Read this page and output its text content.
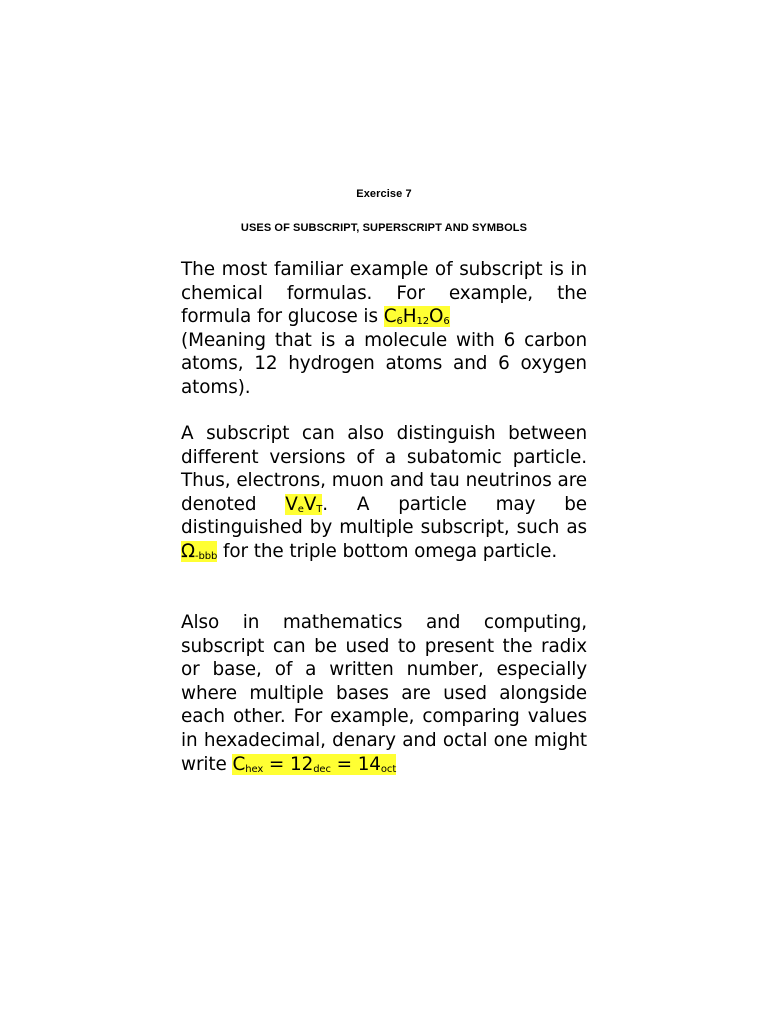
Exercise 7
USES OF SUBSCRIPT, SUPERSCRIPT AND SYMBOLS

The most familiar example of subscript is in chemical formulas. For example, the formula for glucose is $C_6H_{12}O_6$
(Meaning that is a molecule with 6 carbon atoms, 12 hydrogen atoms and 6 oxygen atoms).

A subscript can also distinguish between different versions of a subatomic particle. Thus, electrons, muon and tau neutrinos are denoted $V_eV_T$. A particle may be distinguished by multiple subscript, such as $\Omega_{-bbb}$ for the triple bottom omega particle.

Also in mathematics and computing, subscript can be used to present the radix or base, of a written number, especially where multiple bases are used alongside each other. For example, comparing values in hexadecimal, denary and octal one might write $C_{hex} = 12_{dec} = 14_{oct}$
